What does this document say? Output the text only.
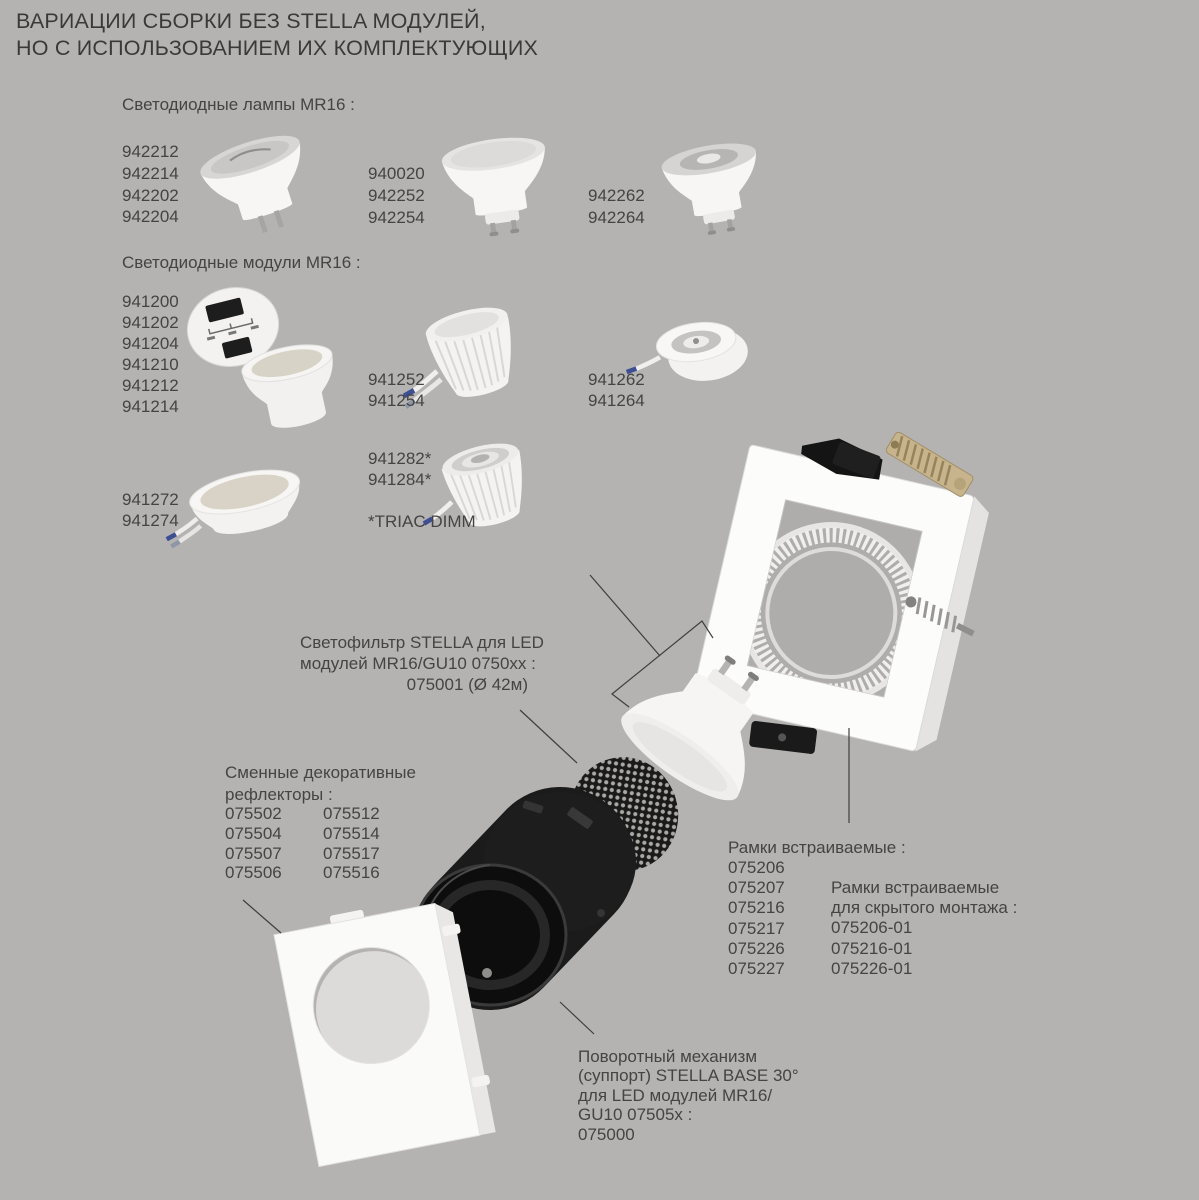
ВАРИАЦИИ СБОРКИ БЕЗ STELLA МОДУЛЕЙ,
НО С ИСПОЛЬЗОВАНИЕМ ИХ КОМПЛЕКТУЮЩИХ
Светодиодные лампы MR16 :
942212
942214
942202
942204
940020
942252
942254
942262
942264
Светодиодные модули MR16 :
941200
941202
941204
941210
941212
941214
941252
941254
941262
941264
941272
941274
941282*
941284*
*TRIAC DIMM
Светофильтр STELLA для LED
модулей MR16/GU10 0750xx :
075001 (Ø 42м)
Сменные декоративные
рефлекторы :
075502
075504
075507
075506
075512
075514
075517
075516
Рамки встраиваемые :
075206
075207
075216
075217
075226
075227
Рамки встраиваемые
для скрытого монтажа :
075206-01
075216-01
075226-01
Поворотный механизм
(суппорт) STELLA BASE 30°
для LED модулей MR16/
GU10 07505x :
075000
